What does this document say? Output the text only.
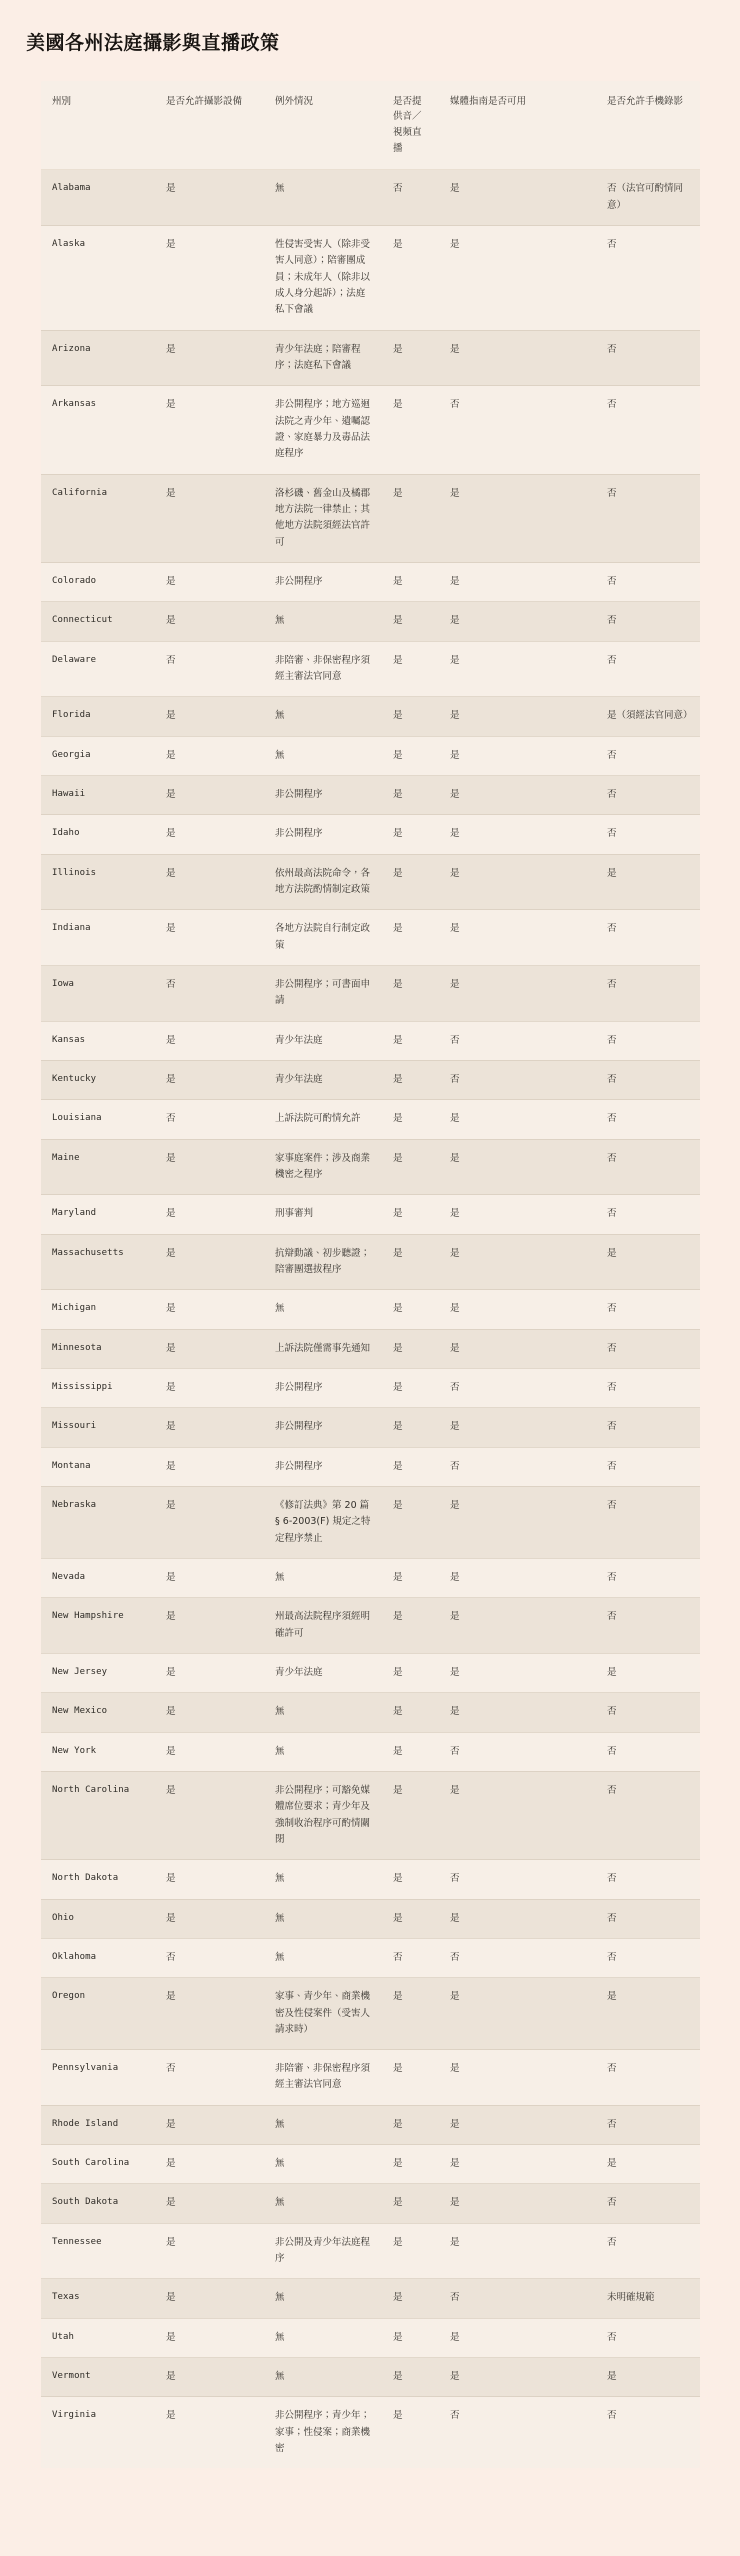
美國各州法庭攝影與直播政策
州別	是否允許攝影設備	例外情況	是否提供音／視頻直播	媒體指南是否可用	是否允許手機錄影
Alabama	是	無	否	是	否（法官可酌情同意）
Alaska	是	性侵害受害人（除非受害人同意）；陪審團成員；未成年人（除非以成人身分起訴）；法庭私下會議	是	是	否
Arizona	是	青少年法庭；陪審程序；法庭私下會議	是	是	否
Arkansas	是	非公開程序；地方巡迴法院之青少年、遺囑認證、家庭暴力及毒品法庭程序	是	否	否
California	是	洛杉磯、舊金山及橘郡地方法院一律禁止；其他地方法院須經法官許可	是	是	否
Colorado	是	非公開程序	是	是	否
Connecticut	是	無	是	是	否
Delaware	否	非陪審、非保密程序須經主審法官同意	是	是	否
Florida	是	無	是	是	是（須經法官同意）
Georgia	是	無	是	是	否
Hawaii	是	非公開程序	是	是	否
Idaho	是	非公開程序	是	是	否
Illinois	是	依州最高法院命令，各地方法院酌情制定政策	是	是	是
Indiana	是	各地方法院自行制定政策	是	是	否
Iowa	否	非公開程序；可書面申請	是	是	否
Kansas	是	青少年法庭	是	否	否
Kentucky	是	青少年法庭	是	否	否
Louisiana	否	上訴法院可酌情允許	是	是	否
Maine	是	家事庭案件；涉及商業機密之程序	是	是	否
Maryland	是	刑事審判	是	是	否
Massachusetts	是	抗辯動議、初步聽證；陪審團選拔程序	是	是	是
Michigan	是	無	是	是	否
Minnesota	是	上訴法院僅需事先通知	是	是	否
Mississippi	是	非公開程序	是	否	否
Missouri	是	非公開程序	是	是	否
Montana	是	非公開程序	是	否	否
Nebraska	是	《修訂法典》第 20 篇 § 6-2003(F) 規定之特定程序禁止	是	是	否
Nevada	是	無	是	是	否
New Hampshire	是	州最高法院程序須經明確許可	是	是	否
New Jersey	是	青少年法庭	是	是	是
New Mexico	是	無	是	是	否
New York	是	無	是	否	否
North Carolina	是	非公開程序；可豁免媒體席位要求；青少年及強制收治程序可酌情關閉	是	是	否
North Dakota	是	無	是	否	否
Ohio	是	無	是	是	否
Oklahoma	否	無	否	否	否
Oregon	是	家事、青少年、商業機密及性侵案件（受害人請求時）	是	是	是
Pennsylvania	否	非陪審、非保密程序須經主審法官同意	是	是	否
Rhode Island	是	無	是	是	否
South Carolina	是	無	是	是	是
South Dakota	是	無	是	是	否
Tennessee	是	非公開及青少年法庭程序	是	是	否
Texas	是	無	是	否	未明確規範
Utah	是	無	是	是	否
Vermont	是	無	是	是	是
Virginia	是	非公開程序；青少年；家事；性侵案；商業機密	是	否	否
